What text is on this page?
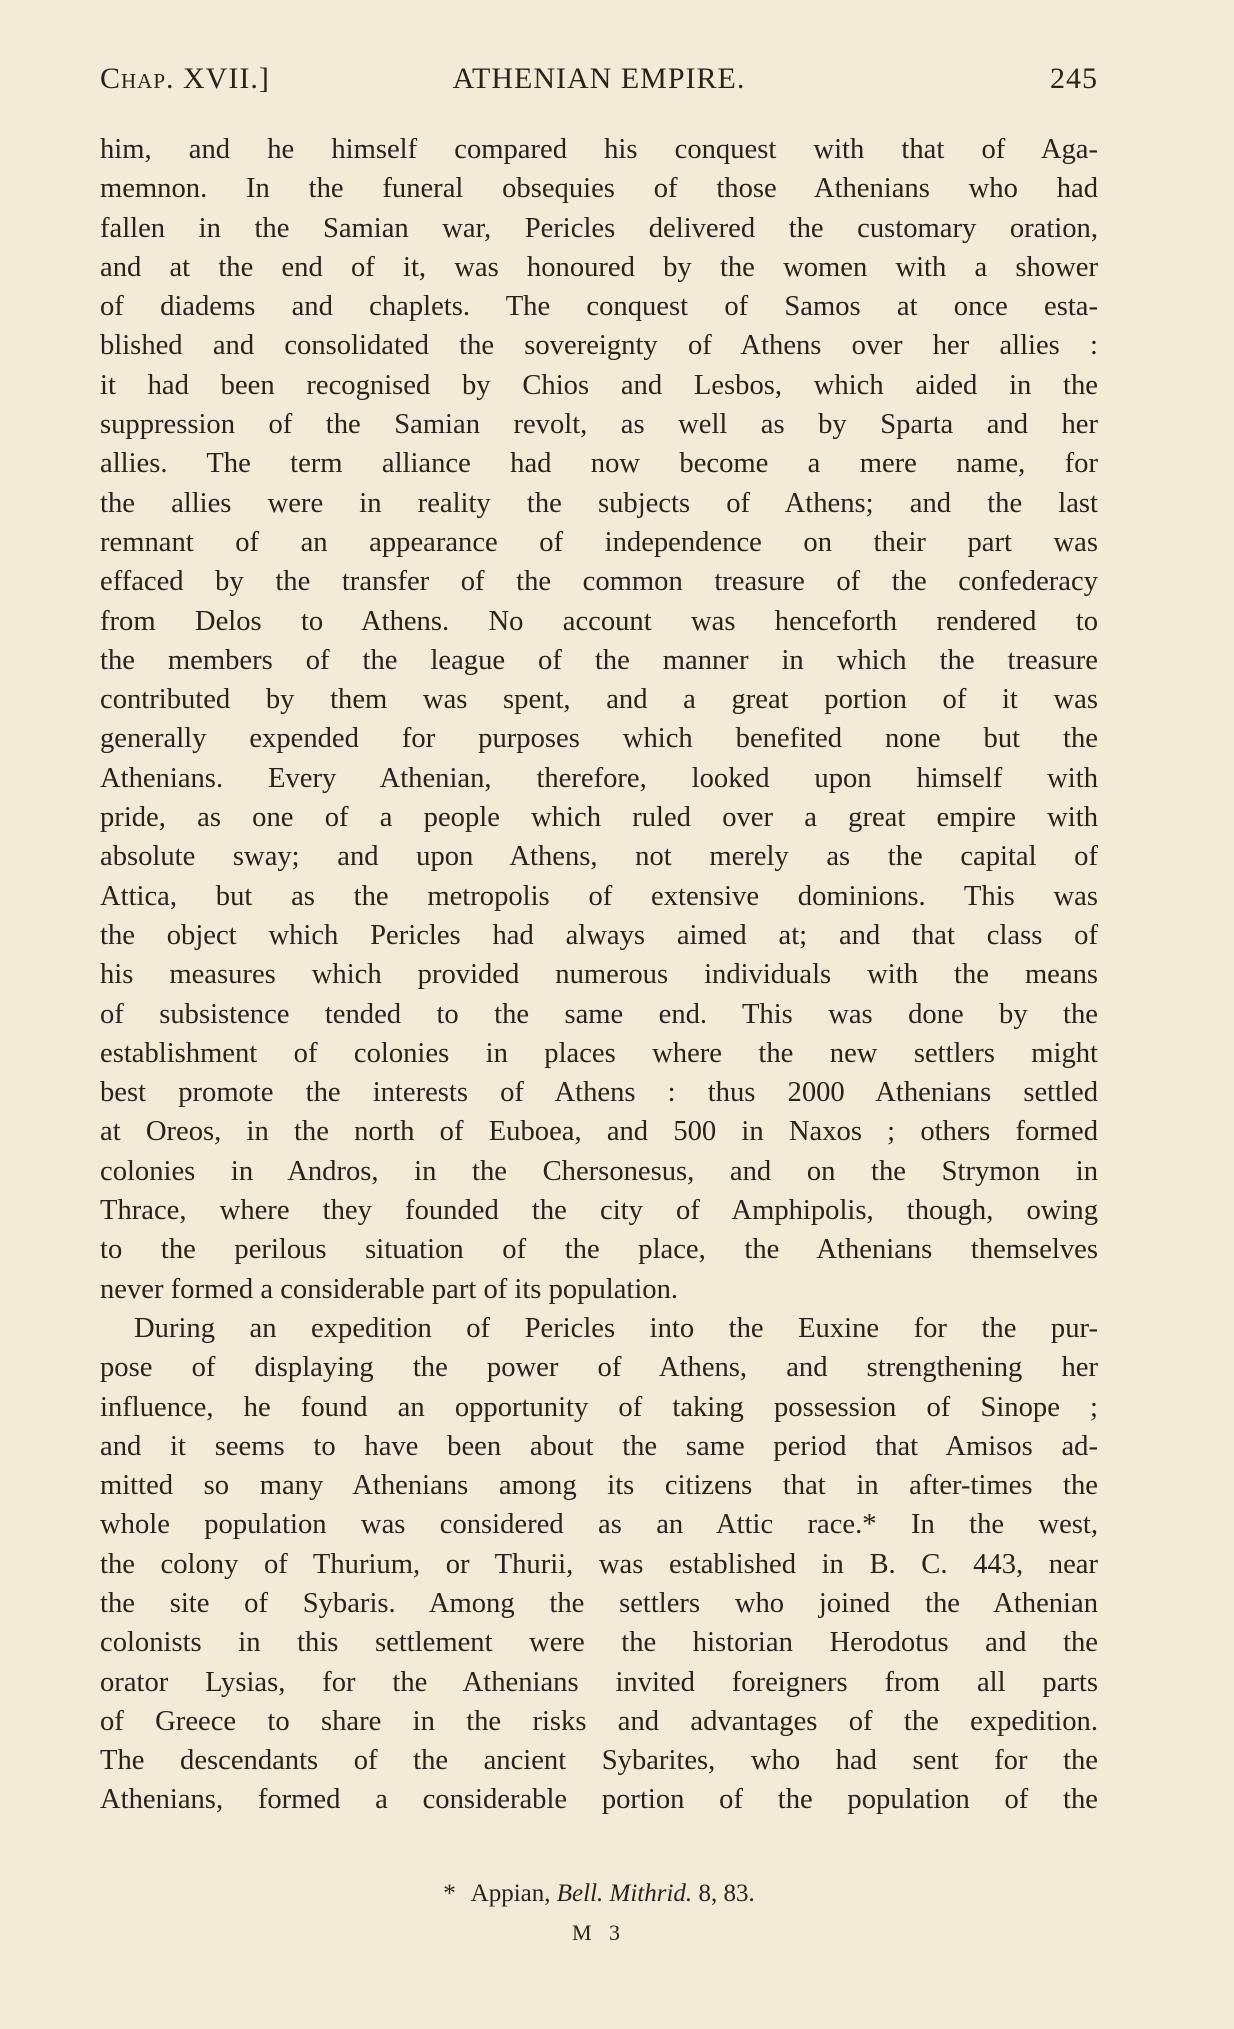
Chap. XVII.]	ATHENIAN EMPIRE.	245
him, and he himself compared his conquest with that of Aga-
memnon. In the funeral obsequies of those Athenians who had
fallen in the Samian war, Pericles delivered the customary oration,
and at the end of it, was honoured by the women with a shower
of diadems and chaplets. The conquest of Samos at once esta-
blished and consolidated the sovereignty of Athens over her allies :
it had been recognised by Chios and Lesbos, which aided in the
suppression of the Samian revolt, as well as by Sparta and her
allies. The term alliance had now become a mere name, for
the allies were in reality the subjects of Athens; and the last
remnant of an appearance of independence on their part was
effaced by the transfer of the common treasure of the confederacy
from Delos to Athens. No account was henceforth rendered to
the members of the league of the manner in which the treasure
contributed by them was spent, and a great portion of it was
generally expended for purposes which benefited none but the
Athenians. Every Athenian, therefore, looked upon himself with
pride, as one of a people which ruled over a great empire with
absolute sway; and upon Athens, not merely as the capital of
Attica, but as the metropolis of extensive dominions. This was
the object which Pericles had always aimed at; and that class of
his measures which provided numerous individuals with the means
of subsistence tended to the same end. This was done by the
establishment of colonies in places where the new settlers might
best promote the interests of Athens : thus 2000 Athenians settled
at Oreos, in the north of Euboea, and 500 in Naxos ; others formed
colonies in Andros, in the Chersonesus, and on the Strymon in
Thrace, where they founded the city of Amphipolis, though, owing
to the perilous situation of the place, the Athenians themselves
never formed a considerable part of its population.
During an expedition of Pericles into the Euxine for the pur-
pose of displaying the power of Athens, and strengthening her
influence, he found an opportunity of taking possession of Sinope ;
and it seems to have been about the same period that Amisos ad-
mitted so many Athenians among its citizens that in after-times the
whole population was considered as an Attic race.* In the west,
the colony of Thurium, or Thurii, was established in B. C. 443, near
the site of Sybaris. Among the settlers who joined the Athenian
colonists in this settlement were the historian Herodotus and the
orator Lysias, for the Athenians invited foreigners from all parts
of Greece to share in the risks and advantages of the expedition.
The descendants of the ancient Sybarites, who had sent for the
Athenians, formed a considerable portion of the population of the
* Appian, Bell. Mithrid. 8, 83.
M 3
